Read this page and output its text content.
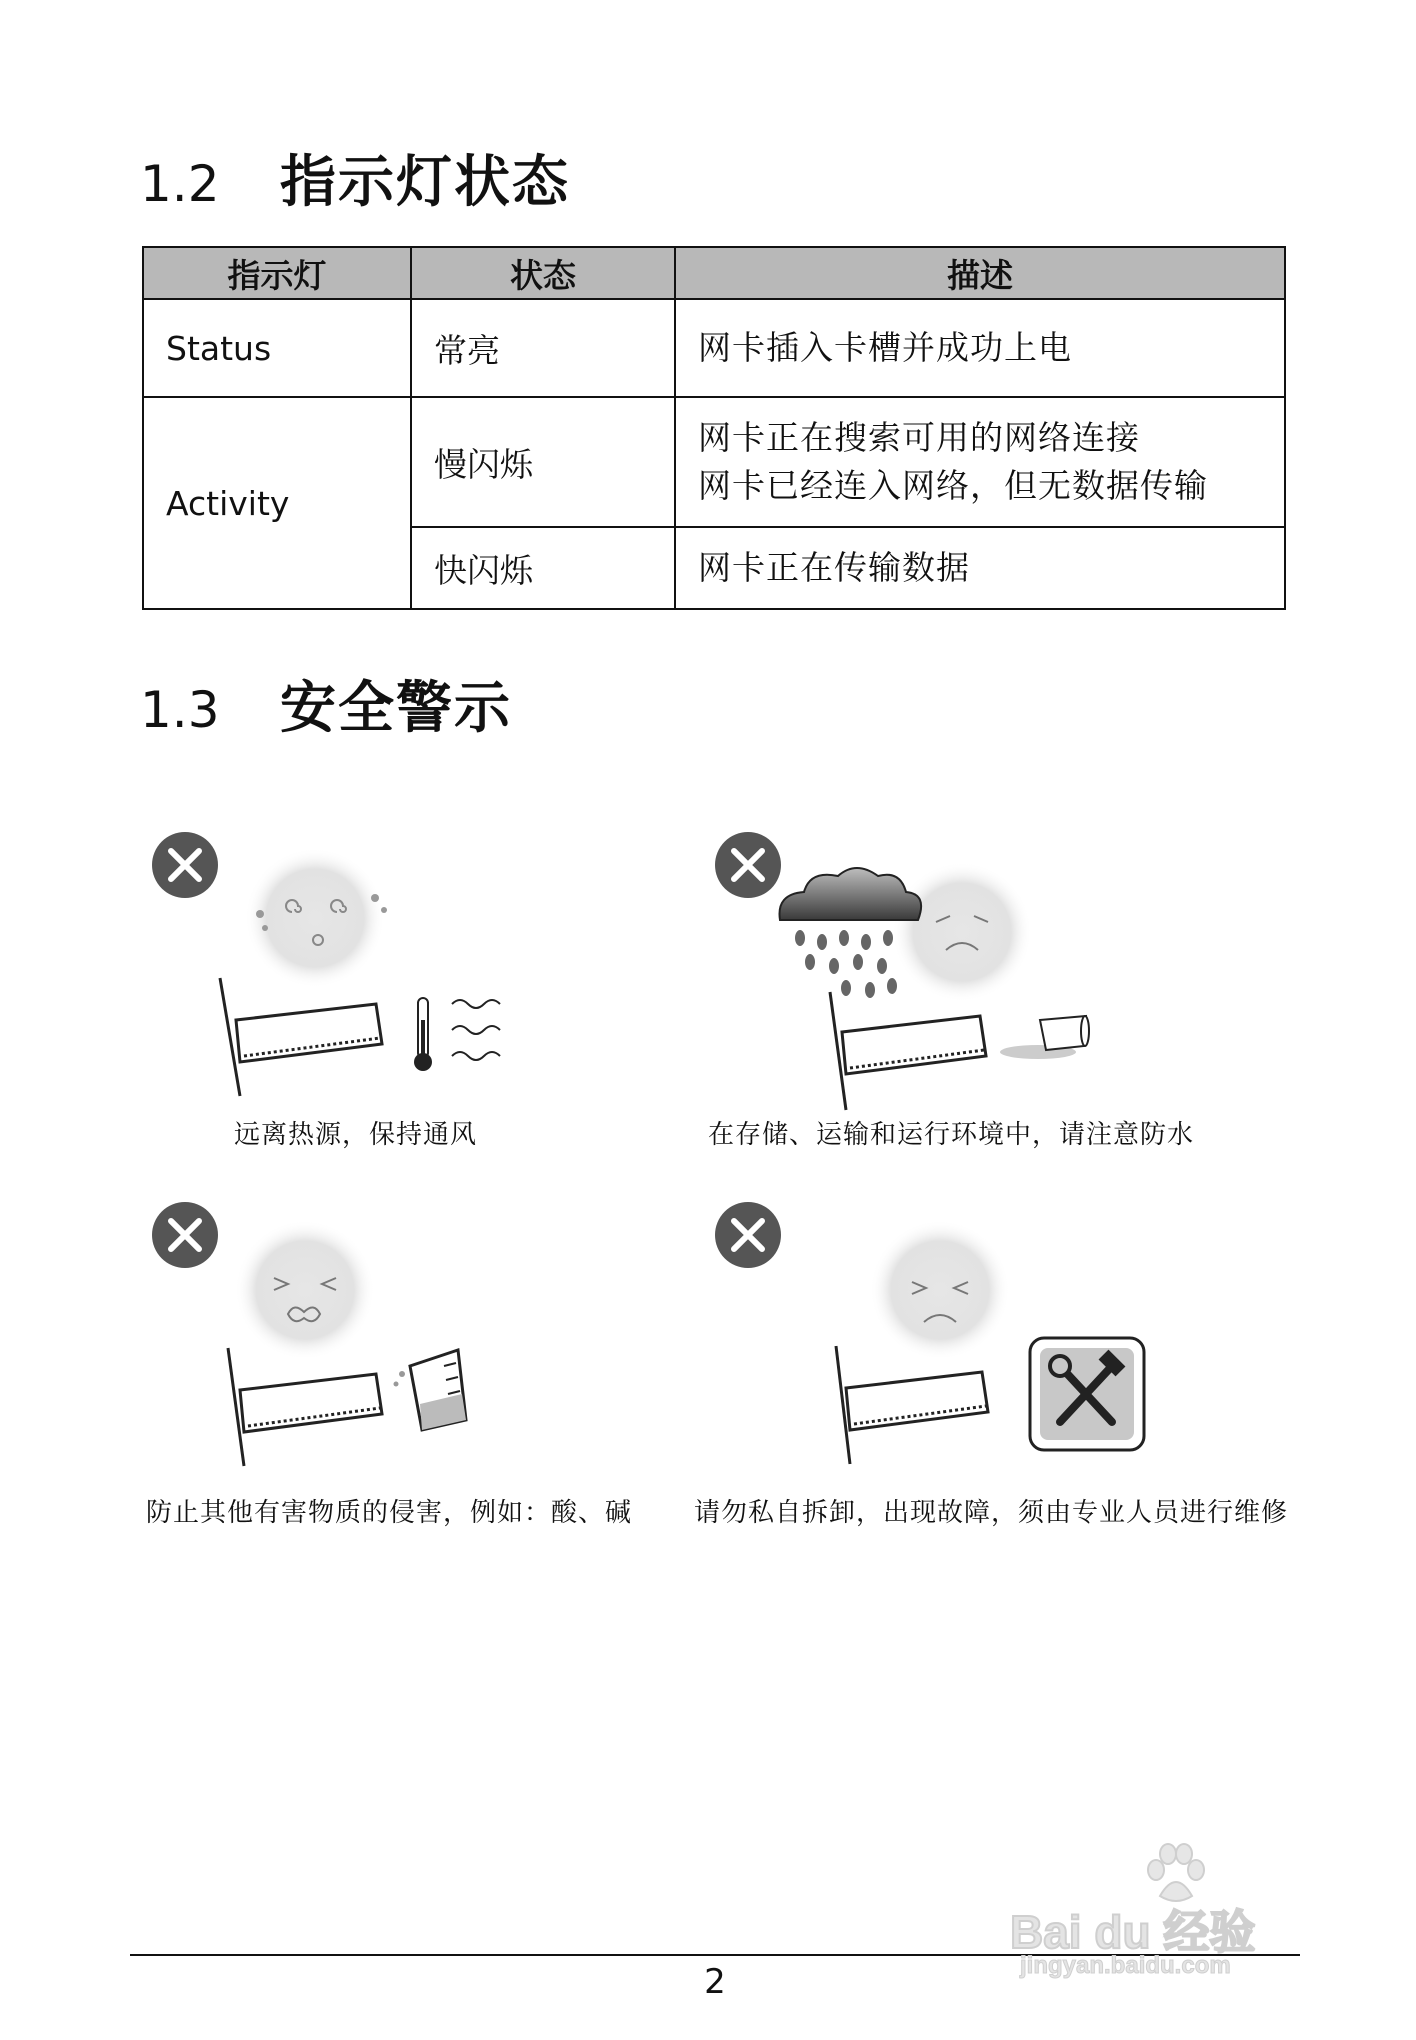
1.2 指示灯状态
指示灯	状态	描述
Status	常亮	网卡插入卡槽并成功上电

Activity	慢闪烁	网卡正在搜索可用的网络连接
网卡已经连入网络，但无数据传输

	快闪烁	网卡正在传输数据
1.3 安全警示
远离热源，保持通风	在存储、运输和运行环境中，请注意防水
防止其他有害物质的侵害，例如：酸、碱 请勿私自拆卸，出现故障，须由专业人员进行维修
2
Bai du 经验
jingyan.baidu.com
